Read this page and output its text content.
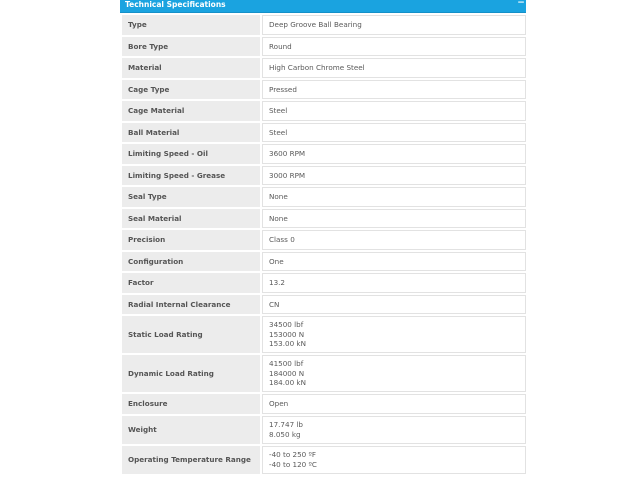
Technical Specifications	−
Type	Deep Groove Ball Bearing

Bore Type	Round

Material	High Carbon Chrome Steel

Cage Type	Pressed

Cage Material	Steel

Ball Material	Steel

Limiting Speed - Oil	3600 RPM

Limiting Speed - Grease	3000 RPM

Seal Type	None

Seal Material	None

Precision	Class 0

Configuration	One

Factor	13.2

Radial Internal Clearance	CN

Static Load Rating	34500 lbf
153000 N
153.00 kN

Dynamic Load Rating	41500 lbf
184000 N
184.00 kN

Enclosure	Open

Weight	17.747 lb
8.050 kg

Operating Temperature Range	-40 to 250 ºF
-40 to 120 ºC
